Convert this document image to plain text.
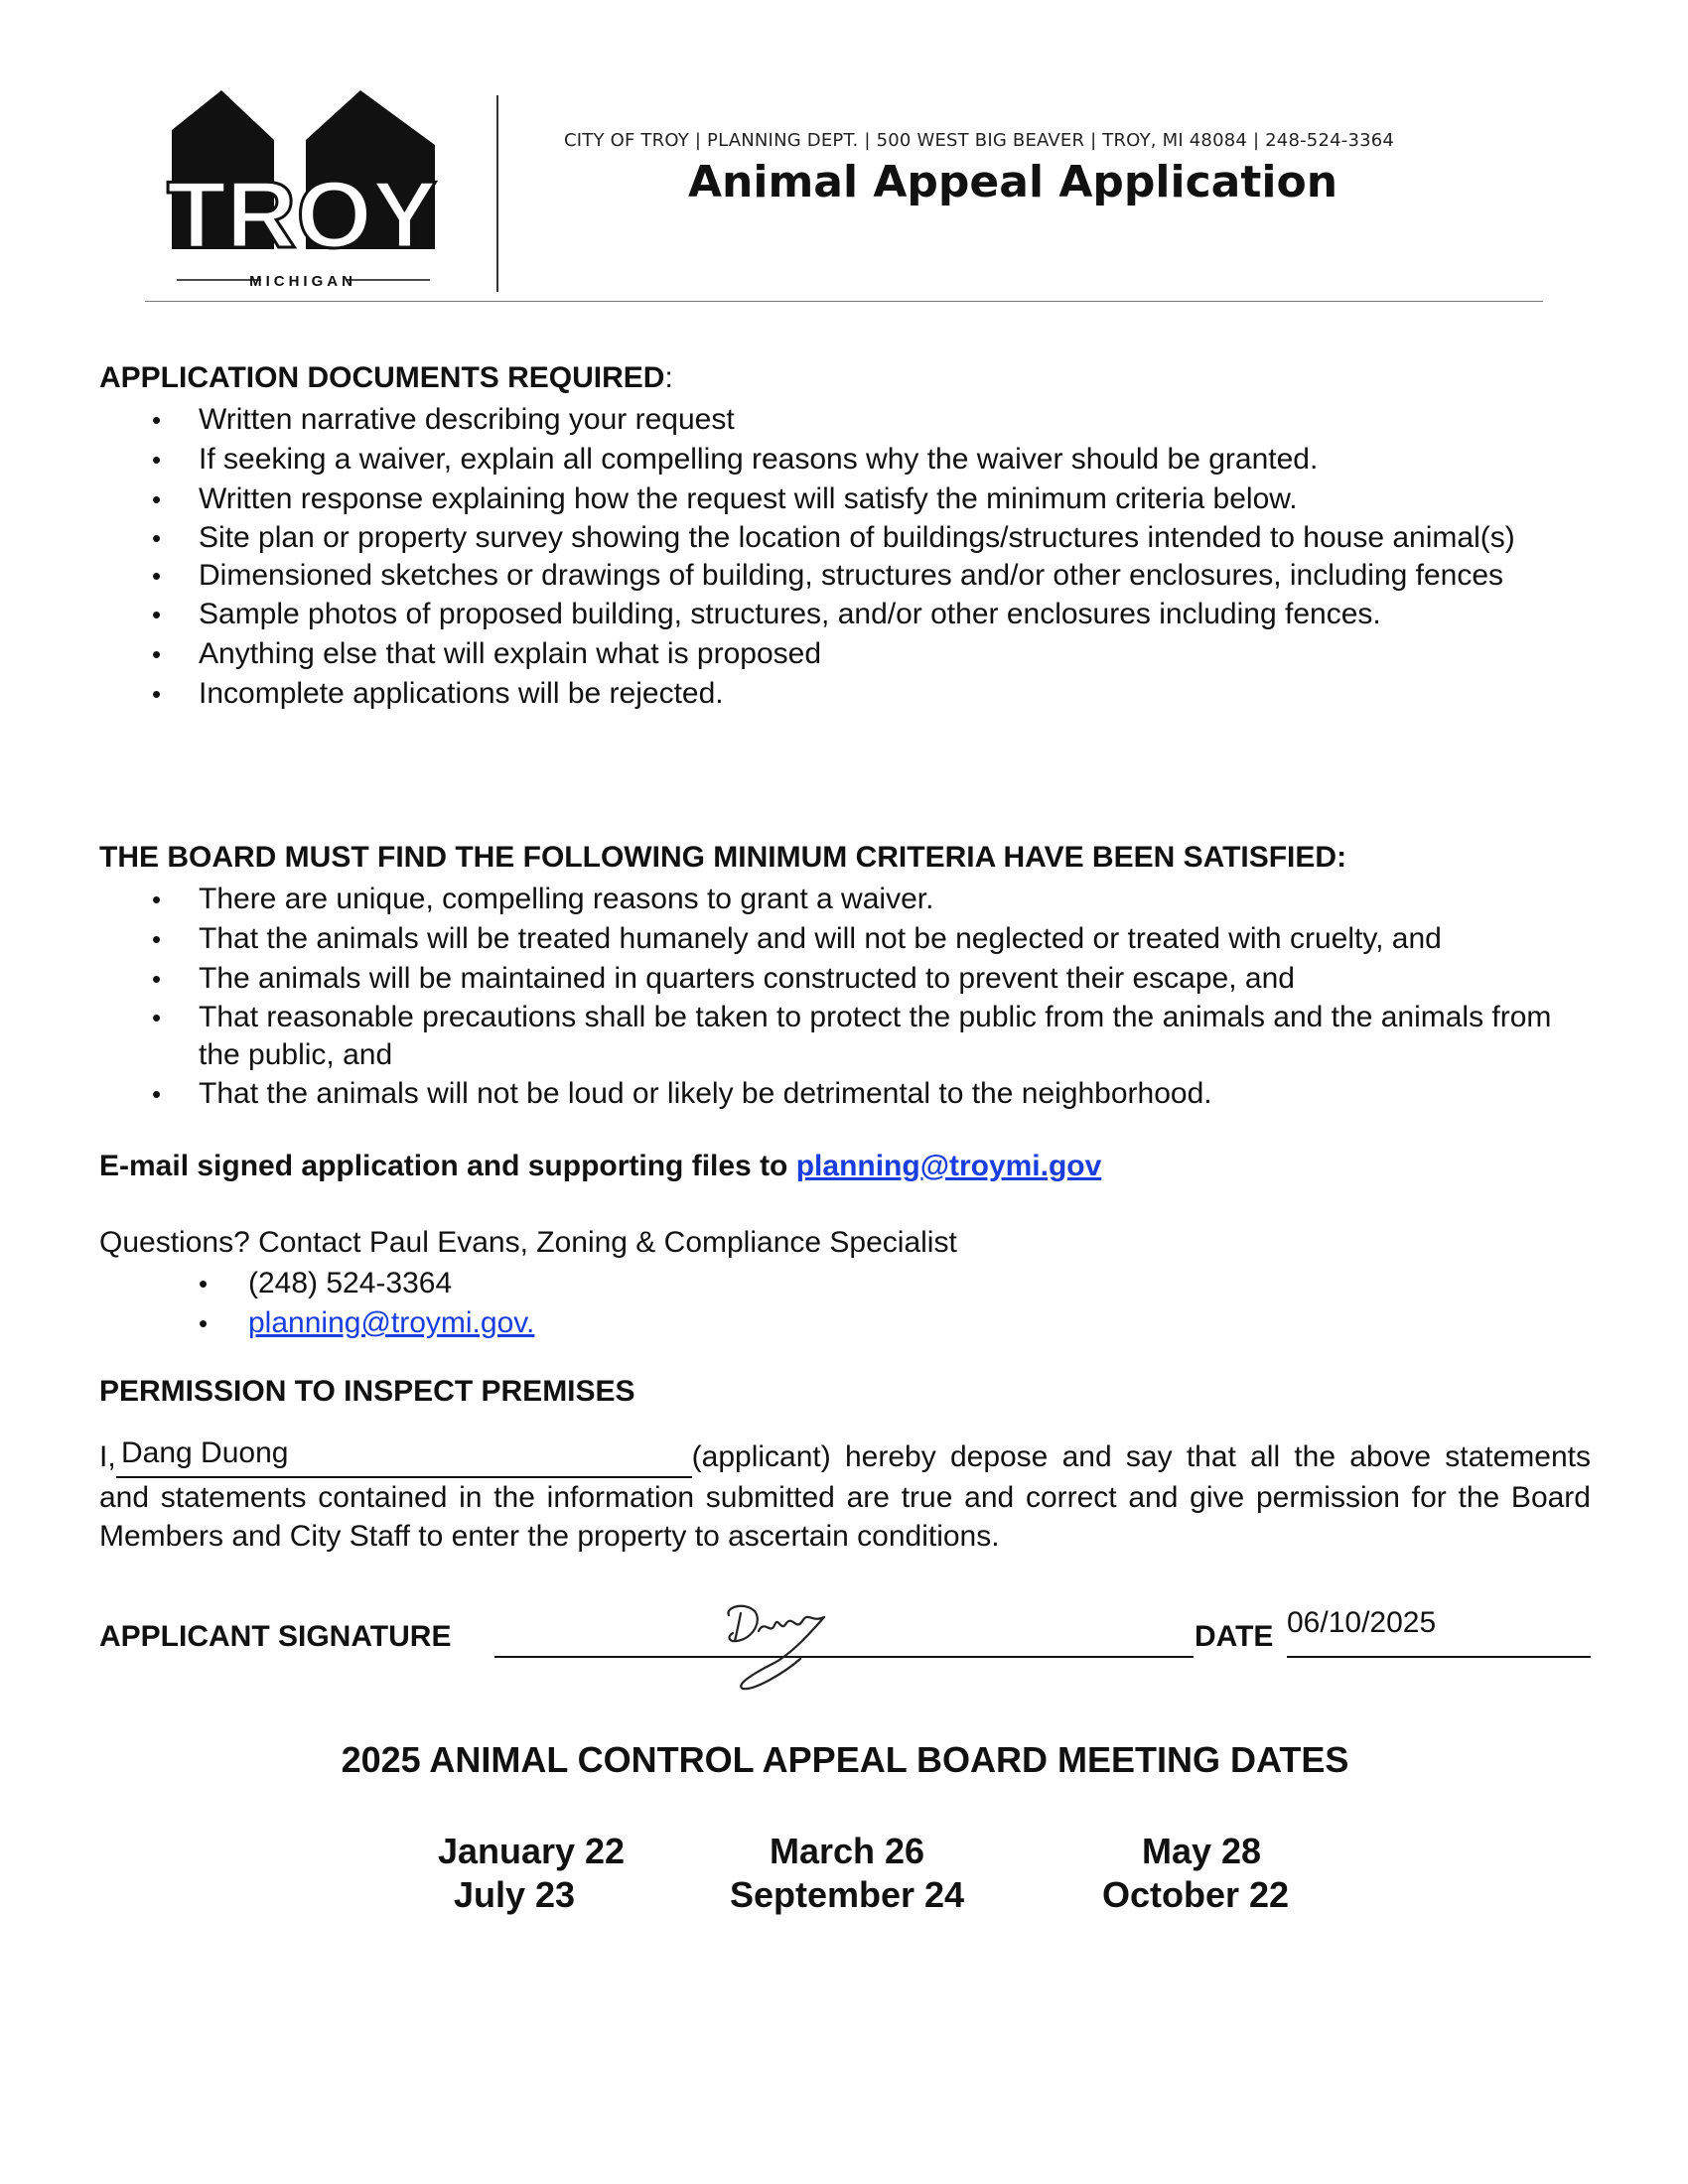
TROY
MICHIGAN
CITY OF TROY | PLANNING DEPT. | 500 WEST BIG BEAVER | TROY, MI 48084 | 248-524-3364
Animal Appeal Application
APPLICATION DOCUMENTS REQUIRED:
• Written narrative describing your request
• If seeking a waiver, explain all compelling reasons why the waiver should be granted.
• Written response explaining how the request will satisfy the minimum criteria below.
• Site plan or property survey showing the location of buildings/structures intended to house animal(s)
• Dimensioned sketches or drawings of building, structures and/or other enclosures, including fences
• Sample photos of proposed building, structures, and/or other enclosures including fences.
• Anything else that will explain what is proposed
• Incomplete applications will be rejected.
THE BOARD MUST FIND THE FOLLOWING MINIMUM CRITERIA HAVE BEEN SATISFIED:
• There are unique, compelling reasons to grant a waiver.
• That the animals will be treated humanely and will not be neglected or treated with cruelty, and
• The animals will be maintained in quarters constructed to prevent their escape, and
• That reasonable precautions shall be taken to protect the public from the animals and the animals from the public, and
• That the animals will not be loud or likely be detrimental to the neighborhood.
E-mail signed application and supporting files to planning@troymi.gov
Questions? Contact Paul Evans, Zoning & Compliance Specialist
• (248) 524-3364
• planning@troymi.gov.
PERMISSION TO INSPECT PREMISES
I,	(applicant) hereby depose and say that all the above statements and statements contained in the information submitted are true and correct and give permission for the Board Members and City Staff to enter the property to ascertain conditions.
Dang Duong
APPLICANT SIGNATURE	DATE 06/10/2025
2025 ANIMAL CONTROL APPEAL BOARD MEETING DATES
January 22	March 26	May 28
July 23	September 24	October 22
